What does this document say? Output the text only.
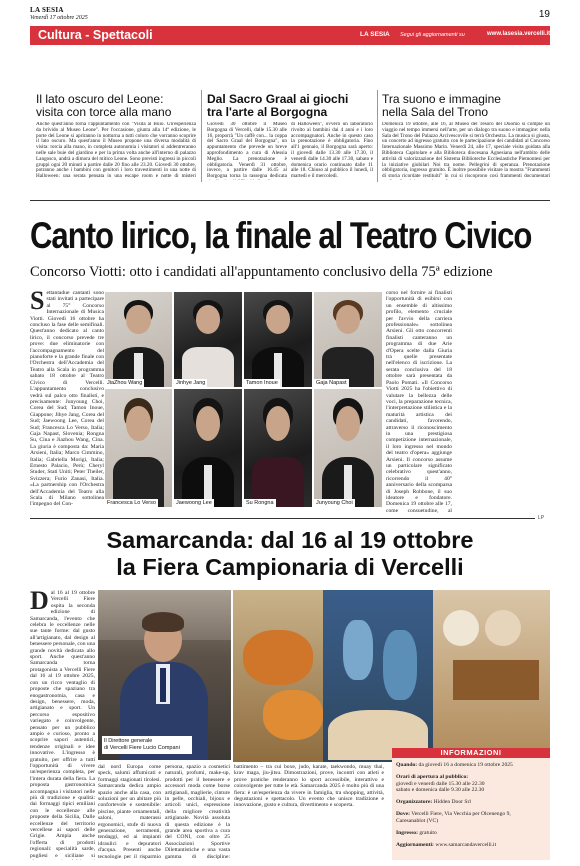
LA SESIA
Venerdì 17 ottobre 2025	19
Cultura - Spettacoli	LA SESIA Segui gli aggiornamenti su	www.lasesia.vercelli.it
Il lato oscuro del Leone:
visita con torce alla mano
Anche quest'anno torna l'appuntamento con "Visita al Buio. Un'esperienza da brivido al Museo Leone". Per l'occasione, giunta alla 14ª edizione, le porte del Leone si apriranno in notturna a tutti coloro che vorranno scoprire il lato oscuro. Ma quest'anno il Museo propone una diversa modalità di visita: torcia alla mano, in completa autonomia i visitatori si addentreranno nelle sale buie del giardino e per la prima volta anche all'interno di palazzo Langosco, andrà a dimora del mitico Leone. Sono previsti ingressi in piccoli gruppi ogni 20 minuti a partire dalle 20 fino alle 23.20. Giovedì 30 ottobre, potranno anche i bambini con genitori i loro travestimenti in una notte di Halloween: una serata pensata in una escape room e notte di misteri
Dal Sacro Graal ai giochi
tra l'arte al Borgogna
Giovedì 30 ottobre il Museo Borgogna di Vercelli, dalle 15.30 alle 16, proporrà "Un caffè con... la coppa del Sacro Graal del Borgogna", un appuntamento che prevede un breve approfondimento a cura di Alessia Meglio. La prenotazione è obbligatoria. Venerdì 31 ottobre, invece, a partire dalle 16.45 al Borgogna torna la rassegna dedicata
di Halloween", ovvero un laboratorio rivolto ai bambini dai 4 anni e i loro accompagnatori. Anche in questo caso la prenotazione è obbligatoria. Fino all'1 gennaio, il Borgogna sarà aperto: il giovedì dalle 13.30 alle 17.30, il venerdì dalle 14.30 alle 17.30, sabato e domenica orario continuato dalle 11 alle 18. Chiuso al pubblico il lunedì, il martedì e il mercoledì.
Tra suono e immagine
nella Sala del Trono
Domenica 19 ottobre, alle 16, al Museo del Tesoro del Duomo si compie un viaggio nel tempo immersi nell'arte, per un dialogo tra suono e immagine: nella Sala del Trono del Palazzo Arcivescovile si terrà Orchestra. La musica si giusta, un concerto ad ingresso gratuito con le partecipazione dei candidati al Concorso Internazionale Massimo Marin. Venerdì 24, alle 17, speciale visita guidata alla Biblioteca Capitolare e alla Biblioteca diocesana Agnesiana nell'ambito delle attività di valorizzazione del Sistema Biblioteche Ecclesiastiche Piemontesi per la iniziative giubilari Noi tra nome. Pellegrini di speranza. Prenotazione obbligatoria, ingresso gratuito. È inoltre possibile visitare la mostra "Frammenti di storia ricordate restituiti" in cui si riscoprono così frammenti documentari
Canto lirico, la finale al Teatro Civico
Concorso Viotti: otto i candidati all'appuntamento conclusivo della 75ª edizione
Settantadue cantanti sono stati invitati a partecipare al 75° Concorso Internazionale di Musica Viotti. Giovedì 16 ottobre ha concluso la fase delle semifinali. Quest'anno dedicato al canto lirico, il concorso prevede tre prove: due eliminatorie con l'accompagnamento del pianoforte e la grande finale con l'Orchestra dell'Accademia del Teatro alla Scala in programma sabato 18 ottobre al Teatro Civico di Vercelli. L'appuntamento conclusivo vedrà sul palco otto finalisti, e precisamente: Junyoung Choi, Corea del Sud; Tamon Inoue, Giappone; Jihye Jang, Corea del Sud; Jaewoong Lee, Corea del Sud; Francesca Lo Verso, Italia; Gaja Napast, Slovenia; Rongna Su, Cina e Jiazhou Wang, Cina. La giuria è composta da: Maria Arsieni, Italia; Marco Cimmino, Italia; Gabriella Morigi, Italia; Ernesto Palacio, Perù; Cheryl Studer, Stati Uniti; Peter Theiler, Svizzera; Furio Zanasi, Italia. «La partnership con l'Orchestra dell'Accademia del Teatro alla Scala di Milano sottolinea l'impegno del Con-
JiaZhou Wang	Jinhye Jang	Tamon Inoue	Gaja Napast
Francesca Lo Verso	Jaewoong Lee	Su Rongna	Junyoung Choi
corso nel fornire ai finalisti l'opportunità di esibirsi con un ensemble di altissimo profilo, elemento cruciale per l'avvio della carriera professionale» sottolinea Arsieni. Gli otto concorrenti finalisti canteranno un programma di due Arie d'Opera scelte dalla Giuria tra quelle presentate nell'elenco di iscrizione. La serata conclusiva del 18 ottobre sarà presentata da Paolo Pomati. «Il Concorso Viotti 2025 ha l'obiettivo di valutare la bellezza delle voci, la preparazione tecnica, l'interpretazione stilistica e la maturità artistica dei candidati, favorendo, attraverso il riconoscimento in una prestigiosa competizione internazionale, il loro ingresso nel mondo del teatro d'opera» aggiunge Arsieni. Il concorso assume un particolare significato celebrativo quest'anno, ricorrendo il 40° anniversario della scomparsa di Joseph Robbone, il suo ideatore e fondatore. Domenica 19 ottobre alle 17, come consuetudine, al
LP
Samarcanda: dal 16 al 19 ottobre
la Fiera Campionaria di Vercelli
Dal 16 al 19 ottobre Vercelli Fiere ospita la seconda edizione di Samarcanda, l'evento che celebra le eccellenze nelle sue tante forme: dal gusto all'artigianato, dal design al benessere personale, con una grande novità dedicata allo sport. Anche quest'anno Samarcanda torna protagonista a Vercelli Fiere dal 16 al 19 ottobre 2025, con un ricco ventaglio di proposte che spaziano tra enogastronomia, casa e design, benessere, moda, artigianato e sport. Un percorso espositivo variegato e coinvolgente, pensato per un pubblico ampio e curioso, pronto a scoprire sapori autentici, tendenze originali e idee innovative. L'ingresso è gratuito, per offrire a tutti l'opportunità di vivere un'esperienza completa, per l'intera durata della fiera. La proposta gastronomica accompagna i visitatori nelle più di tradizione e qualità: dai formaggi tipici emiliani con le eccellenze alle proposte della Sicilia, Dalle eccellenze del territorio vercellese ai sapori delle Grigie. Ampia anche l'offerta di prodotti regionali: specialità sarde, pugliesi e siciliane si
Il Direttore generale
di Vercelli Fiere Lucio Compani
dal nord Europa come speck, salumi affumicati e formaggi stagionati tirolesi. Samarcanda dedica ampio spazio anche alla casa, con soluzioni per un abitare più confortevole e sostenibile: piscine, piante ornamentali, saloni, materassi ergonomici, stufe di nuova generazione, serramenti, tendaggi, ed ai impianti idraulici e depuratori d'acqua. Presenti anche tecnologie per il risparmio
persona, spazio a cosmetici naturali, profumi, make-up, prodotti per il benessere e accessori moda come borse artigianali, maglierie, cinture in pelle, occhiali, bijoux e articoli unici, espressione della migliore creatività artigianale. Novità assoluta di questa edizione è la grande area sportiva a cura del CONI, con oltre 25 Associazioni Sportive Dilettantistiche e una vasta gamma di discipline:
battimento – tra cui boxe, judo, karate, taekwondo, muay thai, krav maga, jiu-jitsu. Dimostrazioni, prove, incontri con atleti e prove pratiche renderanno lo sport accessibile, interattivo e coinvolgente per tutte le età. Samarcanda 2025 è molto più di una fiera: è un'esperienza da vivere in famiglia, tra shopping, attività, degustazioni e spettacolo. Un evento che unisce tradizione e innovazione, gusto e cultura, divertimento e scoperta.
INFORMAZIONI
Quando: da giovedì 16 a domenica 19 ottobre 2025
Orari di apertura al pubblico:
giovedì e venerdì dalle 15.30 alle 22.30
sabato e domenica dalle 9.30 alle 22.30
Organizzatore: Hidden Door Srl
Dove: Vercelli Fiere, Via Vecchia per Olcenengo 9,
Caresanablot (VC)
Ingresso: gratuito
Aggiornamenti: www.samarcandavercelli.it
